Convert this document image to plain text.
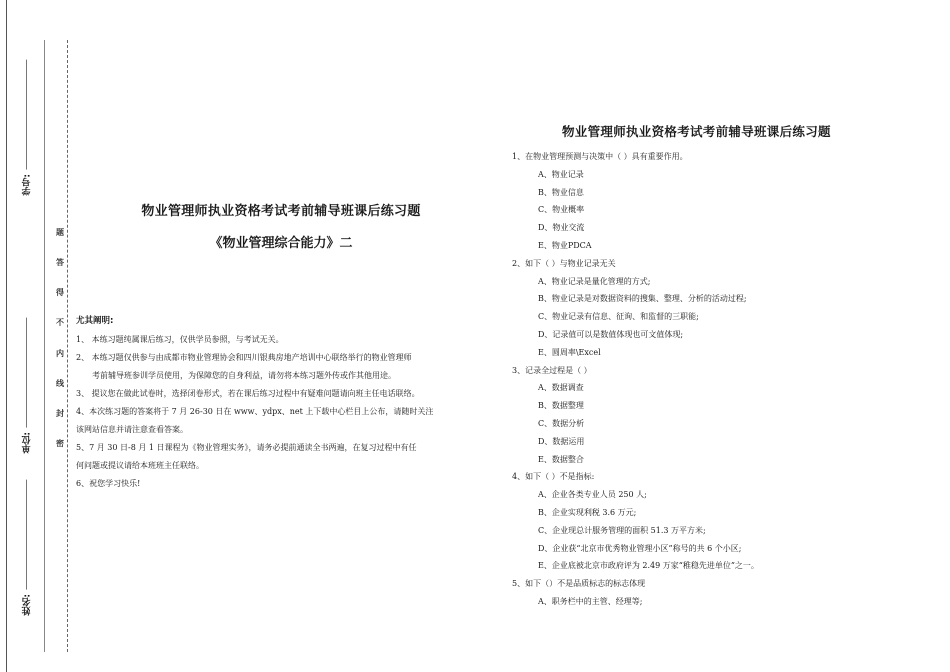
学号:
单位:
姓名:
题
答
得
不
内
线
封
密
物业管理师执业资格考试考前辅导班课后练习题
《物业管理综合能力》二
尤其阐明:
1、 本练习题纯属课后练习，仅供学员参照，与考试无关。
2、 本练习题仅供参与由成都市物业管理协会和四川银典房地产培训中心联络举行的物业管理师
考前辅导班参训学员使用，为保障您的自身利益，请勿将本练习题外传或作其他用途。
3、 提议您在做此试卷时，选择闭卷形式，若在课后练习过程中有疑难问题请向班主任电话联络。
4、本次练习题的答案将于 7 月 26-30 日在 www、ydpx、net 上下载中心栏目上公布，请随时关注
该网站信息并请注意查看答案。
5、7 月 30 日-8 月 1 日课程为《物业管理实务》，请务必提前通读全书两遍，在复习过程中有任
何问题或提议请给本班班主任联络。
6、祝您学习快乐!
物业管理师执业资格考试考前辅导班课后练习题
1、在物业管理预测与决策中（ ）具有重要作用。
A、物业记录
B、物业信息
C、物业概率
D、物业交流
E、物业PDCA
2、如下（ ）与物业记录无关
A、物业记录是量化管理的方式;
B、物业记录是对数据资料的搜集、整理、分析的活动过程;
C、物业记录有信息、征询、和监督的三职能;
D、记录值可以是数值体现也可文值体现;
E、圆周率\Excel
3、记录全过程是（ ）
A、数据调查
B、数据整理
C、数据分析
D、数据运用
E、数据整合
4、如下（ ）不是指标:
A、企业各类专业人员 250 人;
B、企业实现利税 3.6 万元;
C、企业现总计服务管理的面积 51.3 万平方米;
D、企业获“北京市优秀物业管理小区”称号的共 6 个小区;
E、企业底被北京市政府评为 2.49 万家“稚稳先进单位”之一。
5、如下（）不是品质标志的标志体现
A、职务栏中的主管、经理等;
